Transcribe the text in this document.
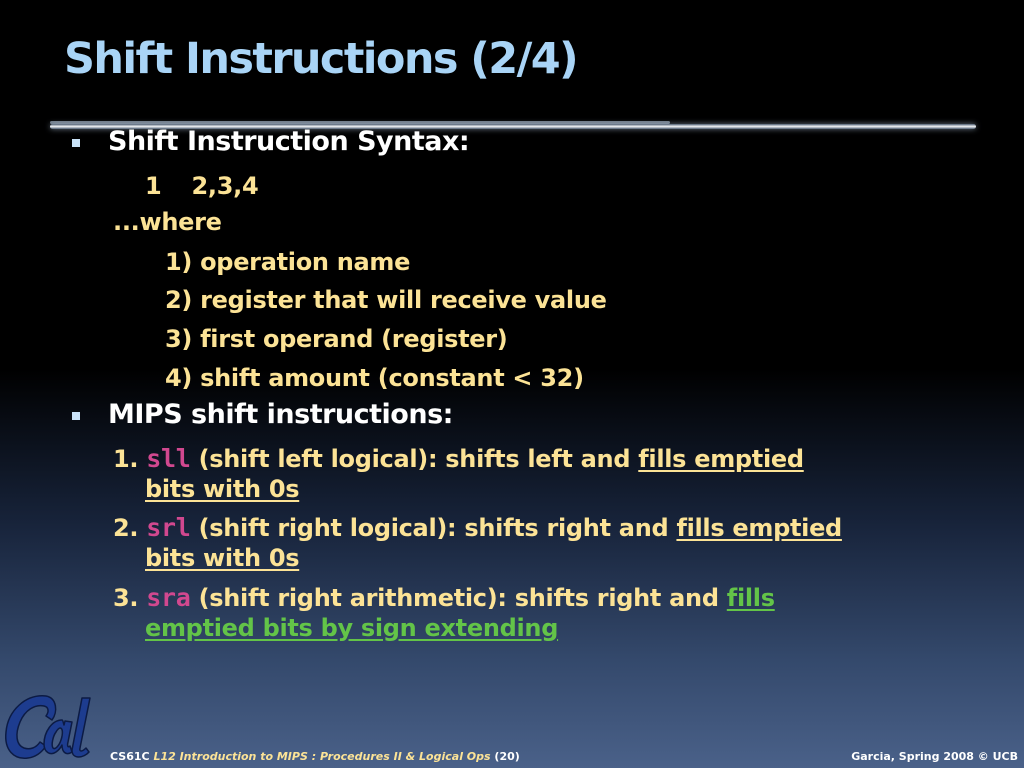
Shift Instructions (2/4)
Shift Instruction Syntax:
1 2,3,4
...where
1) operation name
2) register that will receive value
3) first operand (register)
4) shift amount (constant < 32)
MIPS shift instructions:
1. sll (shift left logical): shifts left and fills emptied
bits with 0s
2. srl (shift right logical): shifts right and fills emptied
bits with 0s
3. sra (shift right arithmetic): shifts right and fills
emptied bits by sign extending
CS61C L12 Introduction to MIPS : Procedures II & Logical Ops (20)	Garcia, Spring 2008 © UCB
